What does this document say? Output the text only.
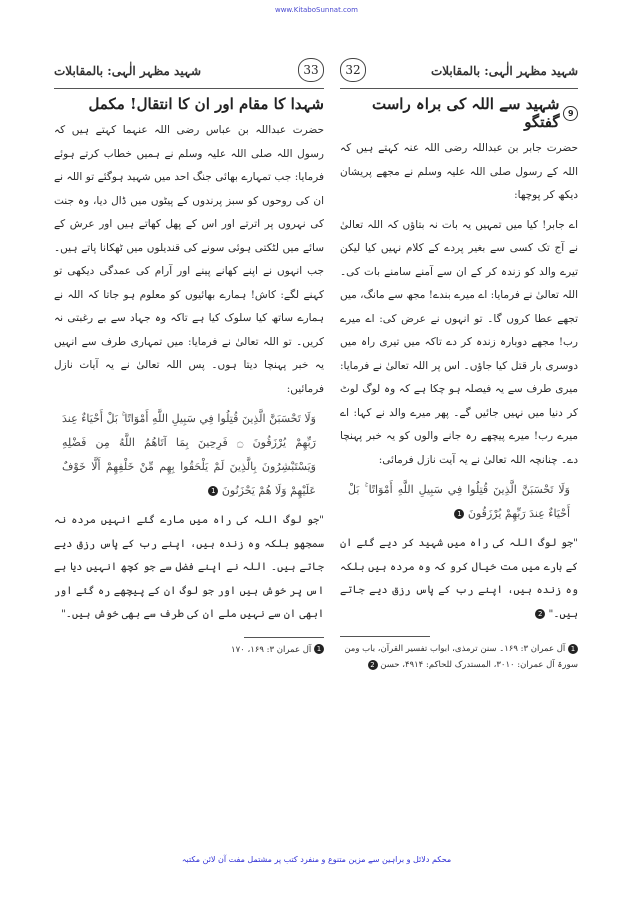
www.KitaboSunnat.com
33
شہید مظہر الٰہی: بالمقابلات
شہدا کا مقام اور ان کا انتقال! مکمل

حضرت عبداللہ بن عباس رضی اللہ عنہما کہتے ہیں کہ رسول اللہ صلی اللہ علیہ وسلم نے ہمیں خطاب کرتے ہوئے فرمایا: جب تمہارے بھائی جنگ احد میں شہید ہوگئے تو اللہ نے ان کی روحوں کو سبز پرندوں کے پیٹوں میں ڈال دیا، وہ جنت کی نہروں پر اترتے اور اس کے پھل کھاتے ہیں اور عرش کے سائے میں لٹکتی ہوئی سونے کی قندیلوں میں ٹھکانا پاتے ہیں۔ جب انہوں نے اپنے کھانے پینے اور آرام کی عمدگی دیکھی تو کہنے لگے: کاش! ہمارے بھائیوں کو معلوم ہو جاتا کہ اللہ نے ہمارے ساتھ کیا سلوک کیا ہے تاکہ وہ جہاد سے بے رغبتی نہ کریں۔ تو اللہ تعالیٰ نے فرمایا: میں تمہاری طرف سے انہیں یہ خبر پہنچا دیتا ہوں۔ پس اللہ تعالیٰ نے یہ آیات نازل فرمائیں:

وَلَا تَحْسَبَنَّ الَّذِينَ قُتِلُوا فِي سَبِيلِ اللَّهِ أَمْوَاتًا ۚ بَلْ أَحْيَاءٌ عِندَ رَبِّهِمْ يُرْزَقُونَ ۝ فَرِحِينَ بِمَا آتَاهُمُ اللَّهُ مِن فَضْلِهِ وَيَسْتَبْشِرُونَ بِالَّذِينَ لَمْ يَلْحَقُوا بِهِم مِّنْ خَلْفِهِمْ أَلَّا خَوْفٌ عَلَيْهِمْ وَلَا هُمْ يَحْزَنُونَ 1

"جو لوگ اللہ کی راہ میں مارے گئے انہیں مردہ نہ سمجھو بلکہ وہ زندہ ہیں، اپنے رب کے پاس رزق دیے جاتے ہیں۔ اللہ نے اپنے فضل سے جو کچھ انہیں دیا ہے اس پر خوش ہیں اور جو لوگ ان کے پیچھے رہ گئے اور ابھی ان سے نہیں ملے ان کی طرف سے بھی خوش ہیں۔"

1 آل عمران ۳: ۱۶۹، ۱۷۰
32	شہید مظہر الٰہی: بالمقابلات
9
شہید سے اللہ کی براہ راست گفتگو

حضرت جابر بن عبداللہ رضی اللہ عنہ کہتے ہیں کہ اللہ کے رسول صلی اللہ علیہ وسلم نے مجھے پریشان دیکھ کر پوچھا:

اے جابر! کیا میں تمہیں یہ بات نہ بتاؤں کہ اللہ تعالیٰ نے آج تک کسی سے بغیر پردے کے کلام نہیں کیا لیکن تیرے والد کو زندہ کر کے ان سے آمنے سامنے بات کی۔ اللہ تعالیٰ نے فرمایا: اے میرے بندے! مجھ سے مانگ، میں تجھے عطا کروں گا۔ تو انہوں نے عرض کی: اے میرے رب! مجھے دوبارہ زندہ کر دے تاکہ میں تیری راہ میں دوسری بار قتل کیا جاؤں۔ اس پر اللہ تعالیٰ نے فرمایا: میری طرف سے یہ فیصلہ ہو چکا ہے کہ وہ لوگ لوٹ کر دنیا میں نہیں جائیں گے۔ پھر میرے والد نے کہا: اے میرے رب! میرے پیچھے رہ جانے والوں کو یہ خبر پہنچا دے۔ چنانچہ اللہ تعالیٰ نے یہ آیت نازل فرمائی:

وَلَا تَحْسَبَنَّ الَّذِينَ قُتِلُوا فِي سَبِيلِ اللَّهِ أَمْوَاتًا ۚ بَلْ أَحْيَاءٌ عِندَ رَبِّهِمْ يُرْزَقُونَ 1

"جو لوگ اللہ کی راہ میں شہید کر دیے گئے ان کے بارے میں مت خیال کرو کہ وہ مردہ ہیں بلکہ وہ زندہ ہیں، اپنے رب کے پاس رزق دیے جاتے ہیں۔" 2

1 آل عمران ۳: ۱۶۹۔ سنن ترمذی، ابواب تفسیر القرآن، باب ومن سورۃ آل عمران: ۳۰۱۰، المستدرک للحاکم: ۴۹۱۴، حسن 2
محکم دلائل و براہین سے مزین متنوع و منفرد کتب پر مشتمل مفت آن لائن مکتبہ
